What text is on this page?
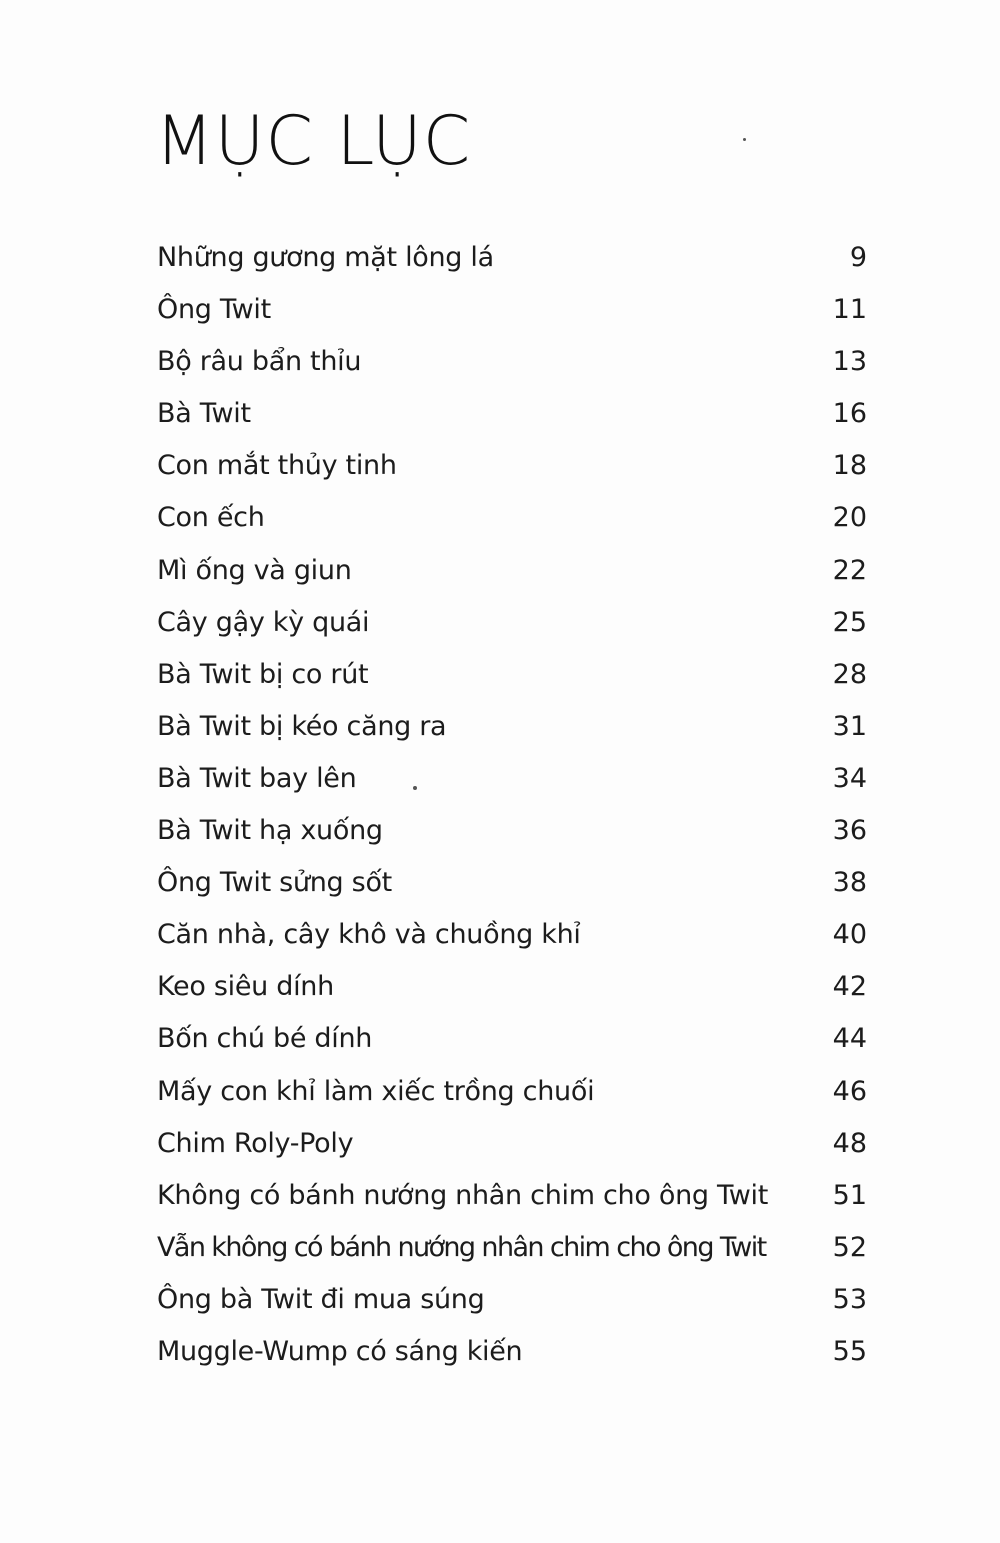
MỤC LỤC
Những gương mặt lông lá	9
Ông Twit	11
Bộ râu bẩn thỉu	13
Bà Twit	16
Con mắt thủy tinh	18
Con ếch	20
Mì ống và giun	22
Cây gậy kỳ quái	25
Bà Twit bị co rút	28
Bà Twit bị kéo căng ra	31
Bà Twit bay lên	34
Bà Twit hạ xuống	36
Ông Twit sửng sốt	38
Căn nhà, cây khô và chuồng khỉ	40
Keo siêu dính	42
Bốn chú bé dính	44
Mấy con khỉ làm xiếc trồng chuối	46
Chim Roly-Poly	48
Không có bánh nướng nhân chim cho ông Twit 51
Vẫn không có bánh nướng nhân chim cho ông Twit 52
Ông bà Twit đi mua súng	53
Muggle-Wump có sáng kiến	55
